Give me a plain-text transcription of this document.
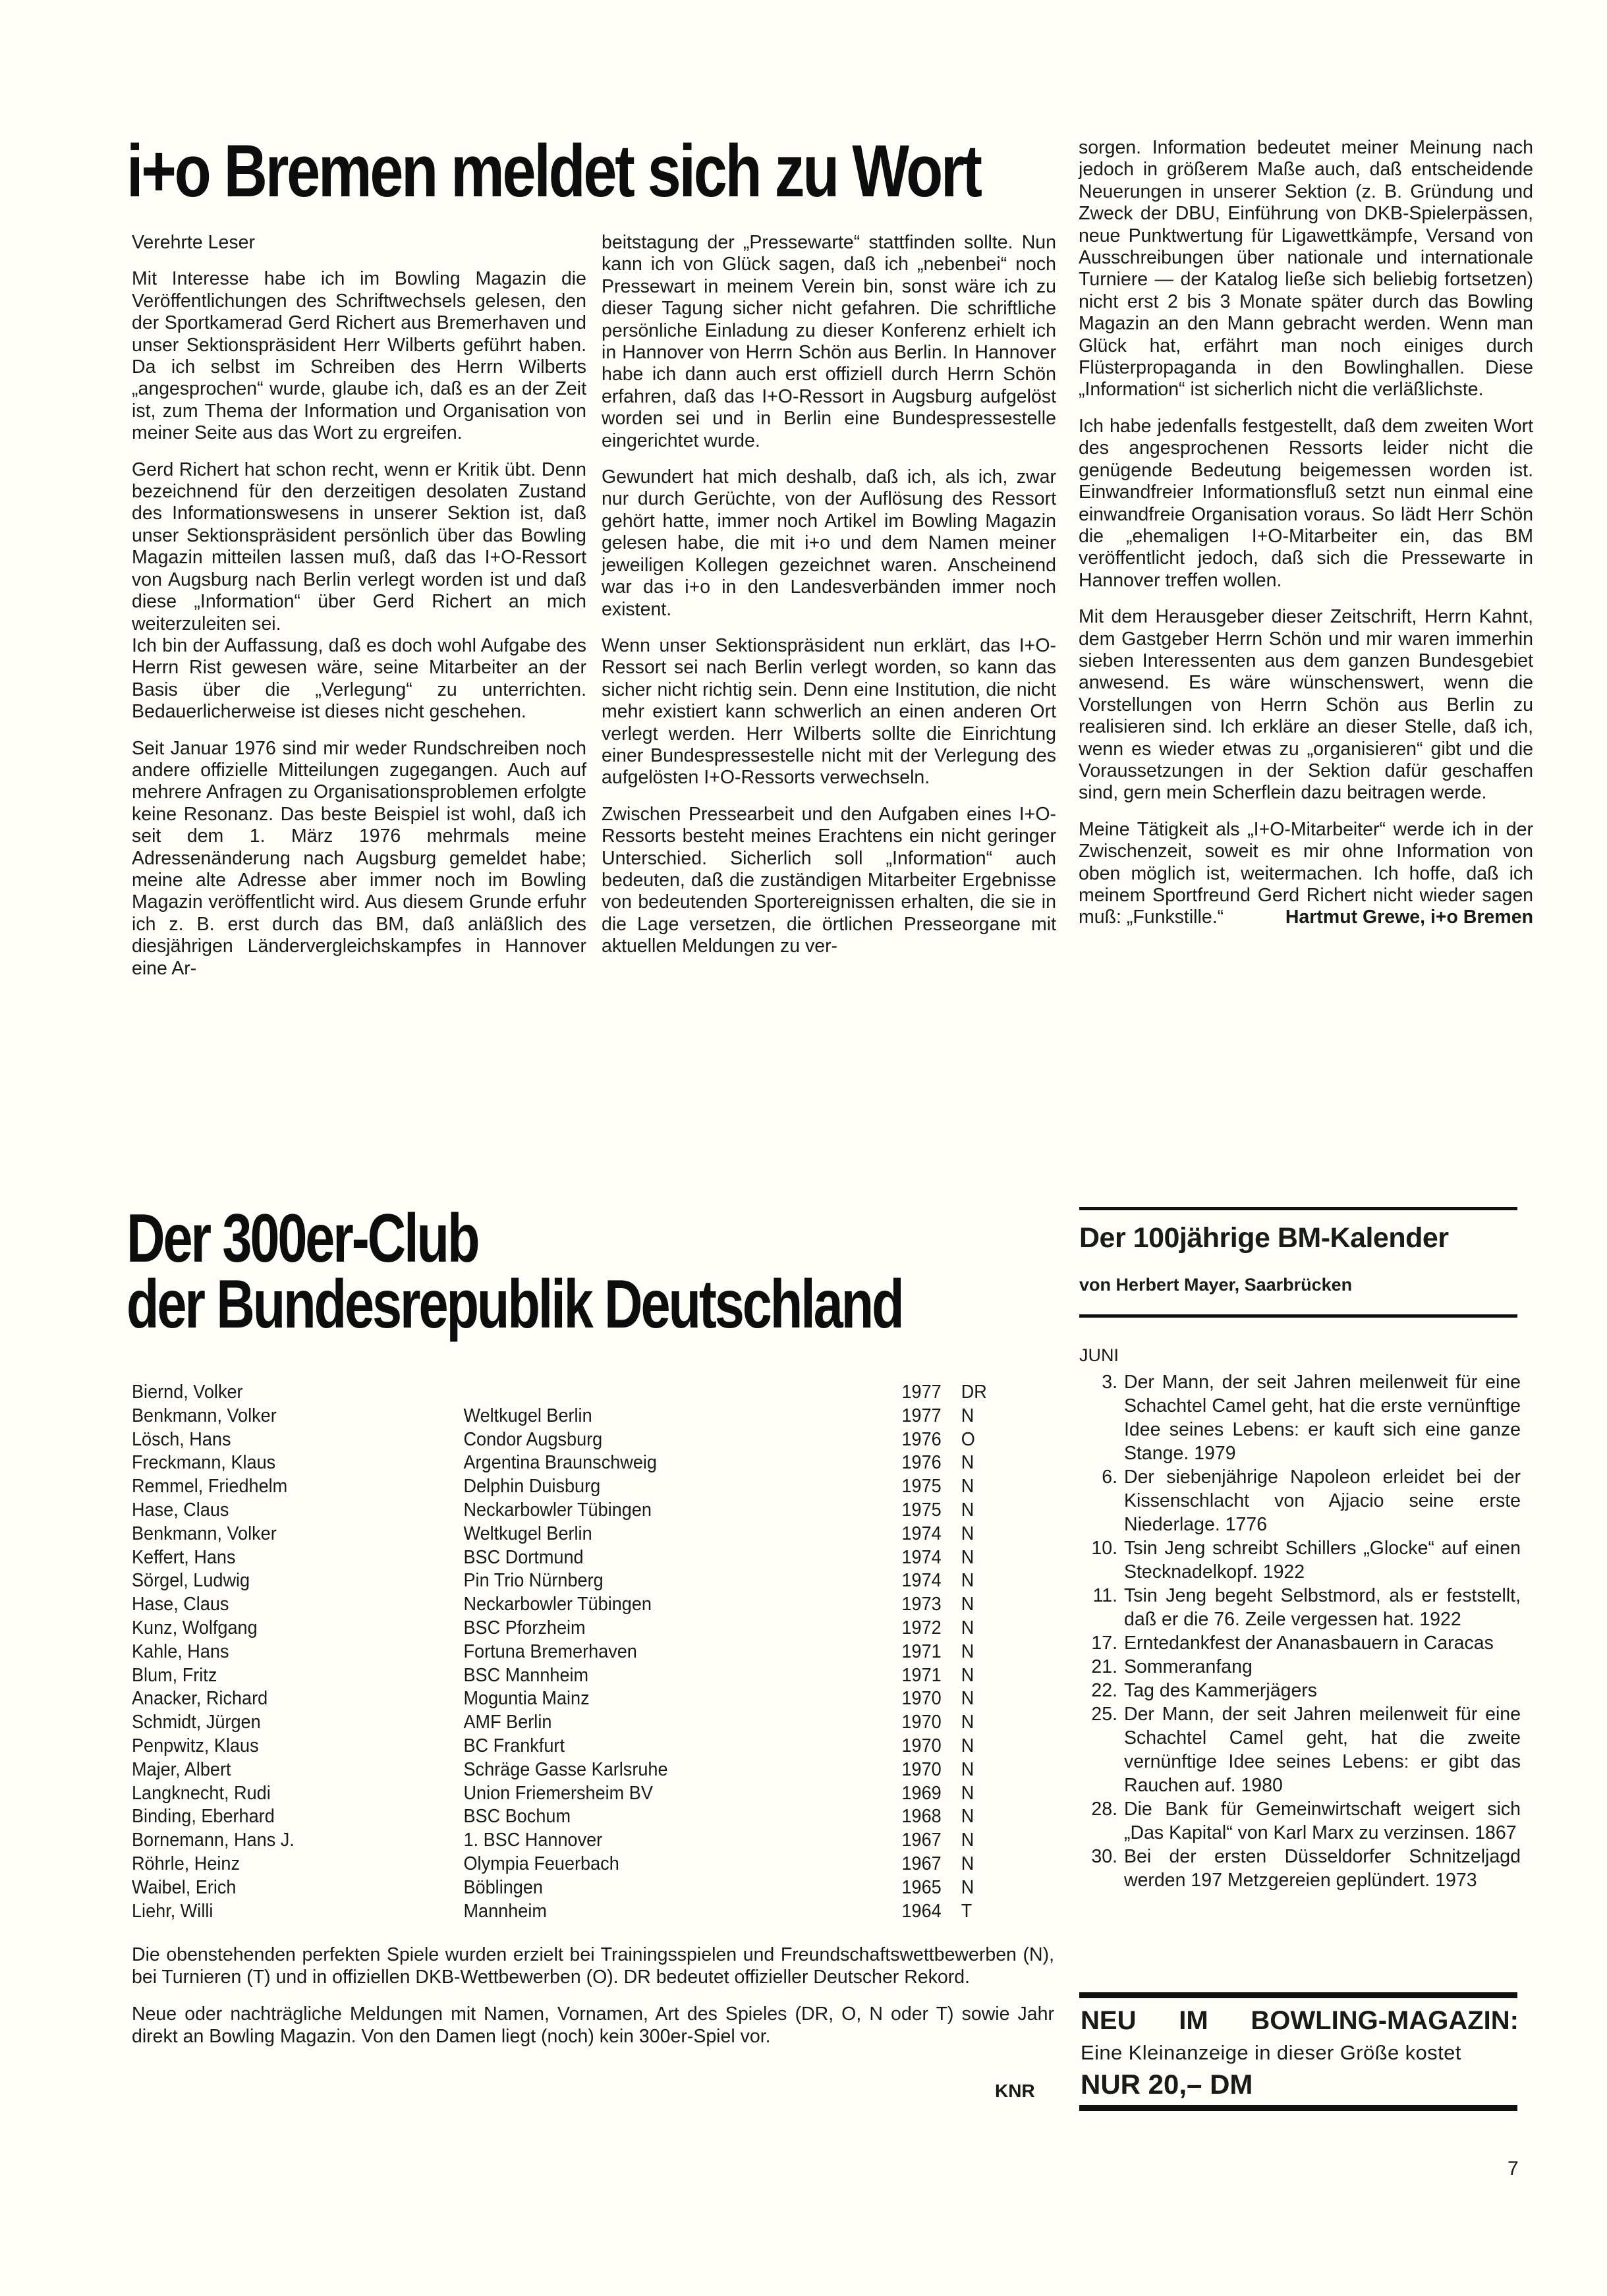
i+o Bremen meldet sich zu Wort

Verehrte Leser

Mit Interesse habe ich im Bowling Magazin die Veröffentlichungen des Schriftwechsels gelesen, den der Sportkamerad Gerd Richert aus Bremerhaven und unser Sektionspräsident Herr Wilberts geführt haben. Da ich selbst im Schreiben des Herrn Wilberts „angesprochen“ wurde, glaube ich, daß es an der Zeit ist, zum Thema der Information und Organisation von meiner Seite aus das Wort zu ergreifen.

Gerd Richert hat schon recht, wenn er Kritik übt. Denn bezeichnend für den derzeitigen desolaten Zustand des Informationswesens in unserer Sektion ist, daß unser Sektionspräsident persönlich über das Bowling Magazin mitteilen lassen muß, daß das I+O-Ressort von Augsburg nach Berlin verlegt worden ist und daß diese „Information“ über Gerd Richert an mich weiterzuleiten sei.

Ich bin der Auffassung, daß es doch wohl Aufgabe des Herrn Rist gewesen wäre, seine Mitarbeiter an der Basis über die „Verlegung“ zu unterrichten. Bedauerlicherweise ist dieses nicht geschehen.

Seit Januar 1976 sind mir weder Rundschreiben noch andere offizielle Mitteilungen zugegangen. Auch auf mehrere Anfragen zu Organisationsproblemen erfolgte keine Resonanz. Das beste Beispiel ist wohl, daß ich seit dem 1. März 1976 mehrmals meine Adressenänderung nach Augsburg gemeldet habe; meine alte Adresse aber immer noch im Bowling Magazin veröffentlicht wird. Aus diesem Grunde erfuhr ich z. B. erst durch das BM, daß anläßlich des diesjährigen Ländervergleichskampfes in Hannover eine Ar-

beitstagung der „Pressewarte“ stattfinden sollte. Nun kann ich von Glück sagen, daß ich „nebenbei“ noch Pressewart in meinem Verein bin, sonst wäre ich zu dieser Tagung sicher nicht gefahren. Die schriftliche persönliche Einladung zu dieser Konferenz erhielt ich in Hannover von Herrn Schön aus Berlin. In Hannover habe ich dann auch erst offiziell durch Herrn Schön erfahren, daß das I+O-Ressort in Augsburg aufgelöst worden sei und in Berlin eine Bundespressestelle eingerichtet wurde.

Gewundert hat mich deshalb, daß ich, als ich, zwar nur durch Gerüchte, von der Auflösung des Ressort gehört hatte, immer noch Artikel im Bowling Magazin gelesen habe, die mit i+o und dem Namen meiner jeweiligen Kollegen gezeichnet waren. Anscheinend war das i+o in den Landesverbänden immer noch existent.

Wenn unser Sektionspräsident nun erklärt, das I+O-Ressort sei nach Berlin verlegt worden, so kann das sicher nicht richtig sein. Denn eine Institution, die nicht mehr existiert kann schwerlich an einen anderen Ort verlegt werden. Herr Wilberts sollte die Einrichtung einer Bundespressestelle nicht mit der Verlegung des aufgelösten I+O-Ressorts verwechseln.

Zwischen Pressearbeit und den Aufgaben eines I+O-Ressorts besteht meines Erachtens ein nicht geringer Unterschied. Sicherlich soll „Information“ auch bedeuten, daß die zuständigen Mitarbeiter Ergebnisse von bedeutenden Sportereignissen erhalten, die sie in die Lage versetzen, die örtlichen Presseorgane mit aktuellen Meldungen zu ver-

sorgen. Information bedeutet meiner Meinung nach jedoch in größerem Maße auch, daß entscheidende Neuerungen in unserer Sektion (z. B. Gründung und Zweck der DBU, Einführung von DKB-Spielerpässen, neue Punktwertung für Ligawettkämpfe, Versand von Ausschreibungen über nationale und internationale Turniere — der Katalog ließe sich beliebig fortsetzen) nicht erst 2 bis 3 Monate später durch das Bowling Magazin an den Mann gebracht werden. Wenn man Glück hat, erfährt man noch einiges durch Flüsterpropaganda in den Bowlinghallen. Diese „Information“ ist sicherlich nicht die verläßlichste.

Ich habe jedenfalls festgestellt, daß dem zweiten Wort des angesprochenen Ressorts leider nicht die genügende Bedeutung beigemessen worden ist. Einwandfreier Informationsfluß setzt nun einmal eine einwandfreie Organisation voraus. So lädt Herr Schön die „ehemaligen I+O-Mitarbeiter ein, das BM veröffentlicht jedoch, daß sich die Pressewarte in Hannover treffen wollen.

Mit dem Herausgeber dieser Zeitschrift, Herrn Kahnt, dem Gastgeber Herrn Schön und mir waren immerhin sieben Interessenten aus dem ganzen Bundesgebiet anwesend. Es wäre wünschenswert, wenn die Vorstellungen von Herrn Schön aus Berlin zu realisieren sind. Ich erkläre an dieser Stelle, daß ich, wenn es wieder etwas zu „organisieren“ gibt und die Voraussetzungen in der Sektion dafür geschaffen sind, gern mein Scherflein dazu beitragen werde.

Meine Tätigkeit als „I+O-Mitarbeiter“ werde ich in der Zwischenzeit, soweit es mir ohne Information von oben möglich ist, weitermachen. Ich hoffe, daß ich meinem Sportfreund Gerd Richert nicht wieder sagen muß: „Funkstille.“	Hartmut Grewe, i+o Bremen

Der 300er-Club
der Bundesrepublik Deutschland
Biernd, Volker		1977	DR
Benkmann, Volker	Weltkugel Berlin	1977	N
Lösch, Hans	Condor Augsburg	1976	O
Freckmann, Klaus	Argentina Braunschweig	1976	N
Remmel, Friedhelm	Delphin Duisburg	1975	N
Hase, Claus	Neckarbowler Tübingen	1975	N
Benkmann, Volker	Weltkugel Berlin	1974	N
Keffert, Hans	BSC Dortmund	1974	N
Sörgel, Ludwig	Pin Trio Nürnberg	1974	N
Hase, Claus	Neckarbowler Tübingen	1973	N
Kunz, Wolfgang	BSC Pforzheim	1972	N
Kahle, Hans	Fortuna Bremerhaven	1971	N
Blum, Fritz	BSC Mannheim	1971	N
Anacker, Richard	Moguntia Mainz	1970	N
Schmidt, Jürgen	AMF Berlin	1970	N
Penpwitz, Klaus	BC Frankfurt	1970	N
Majer, Albert	Schräge Gasse Karlsruhe	1970	N
Langknecht, Rudi	Union Friemersheim BV	1969	N
Binding, Eberhard	BSC Bochum	1968	N
Bornemann, Hans J.	1. BSC Hannover	1967	N
Röhrle, Heinz	Olympia Feuerbach	1967	N
Waibel, Erich	Böblingen	1965	N
Liehr, Willi	Mannheim	1964	T

Die obenstehenden perfekten Spiele wurden erzielt bei Trainingsspielen und Freundschaftswettbewerben (N), bei Turnieren (T) und in offiziellen DKB-Wettbewerben (O). DR bedeutet offizieller Deutscher Rekord.

Neue oder nachträgliche Meldungen mit Namen, Vornamen, Art des Spieles (DR, O, N oder T) sowie Jahr direkt an Bowling Magazin. Von den Damen liegt (noch) kein 300er-Spiel vor.

KNR
Der 100jährige BM-Kalender
von Herbert Mayer, Saarbrücken
JUNI
3. Der Mann, der seit Jahren meilenweit für eine Schachtel Camel geht, hat die erste vernünftige Idee seines Lebens: er kauft sich eine ganze Stange. 1979
6. Der siebenjährige Napoleon erleidet bei der Kissenschlacht von Ajjacio seine erste Niederlage. 1776
10. Tsin Jeng schreibt Schillers „Glocke“ auf einen Stecknadelkopf. 1922
11. Tsin Jeng begeht Selbstmord, als er feststellt, daß er die 76. Zeile vergessen hat. 1922
17. Erntedankfest der Ananasbauern in Caracas
21. Sommeranfang
22. Tag des Kammerjägers
25. Der Mann, der seit Jahren meilenweit für eine Schachtel Camel geht, hat die zweite vernünftige Idee seines Lebens: er gibt das Rauchen auf. 1980
28. Die Bank für Gemeinwirtschaft weigert sich „Das Kapital“ von Karl Marx zu verzinsen. 1867
30. Bei der ersten Düsseldorfer Schnitzeljagd werden 197 Metzgereien geplündert. 1973
NEU IM BOWLING-MAGAZIN:
Eine Kleinanzeige in dieser Größe kostet
NUR 20,– DM
7
